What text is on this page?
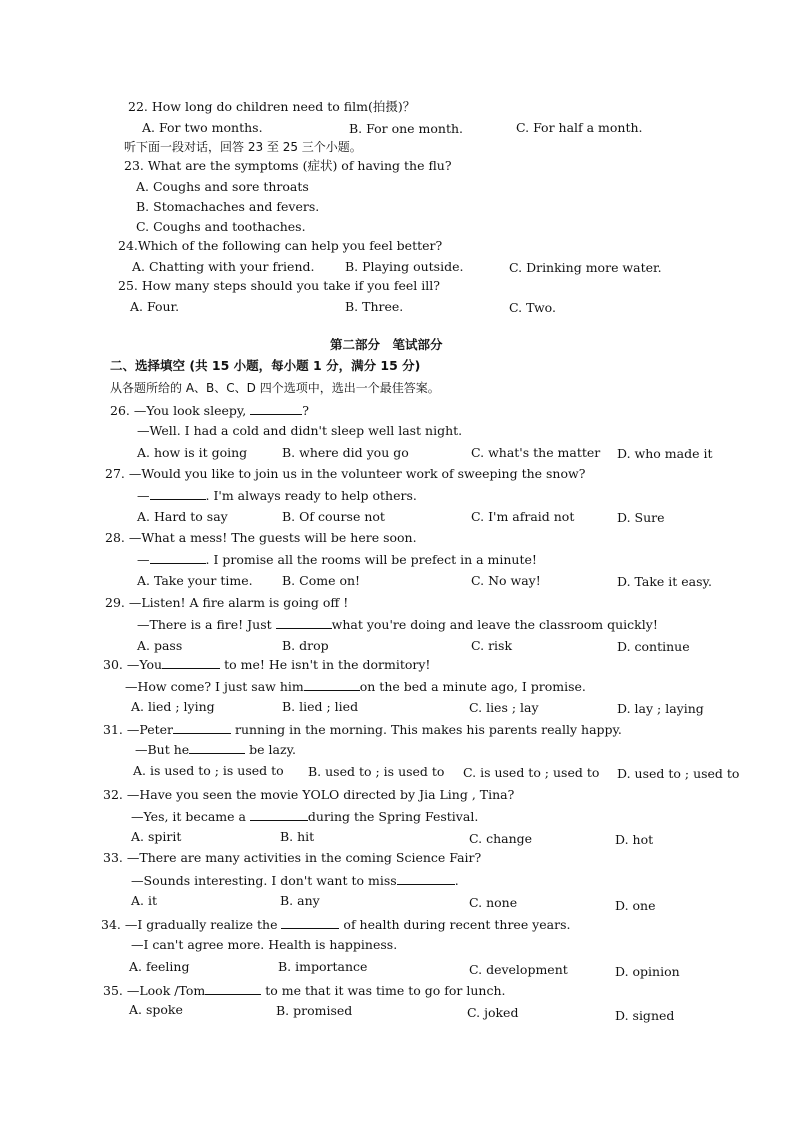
22. How long do children need to film(拍摄)？
A. For two months.	B. For one month.	C. For half a month.
听下面一段对话，回答 23 至 25 三个小题。
23. What are the symptoms (症状) of having the flu?
A. Coughs and sore throats
B. Stomachaches and fevers.
C. Coughs and toothaches.
24.Which of the following can help you feel better?
A. Chatting with your friend. B. Playing outside.	C. Drinking more water.
25. How many steps should you take if you feel ill?
A. Four.	B. Three.	C. Two.
第二部分　笔试部分
二、选择填空 (共 15 小题，每小题 1 分，满分 15 分)
从各题所给的 A、B、C、D 四个选项中，选出一个最佳答案。
26. —You look sleepy,	?
—Well. I had a cold and didn't sleep well last night.
A. how is it going	B. where did you go	C. what's the matter D. who made it
27. —Would you like to join us in the volunteer work of sweeping the snow?
—	. I'm always ready to help others.
A. Hard to say	B. Of course not	C. I'm afraid not	D. Sure
28. —What a mess! The guests will be here soon.
—	. I promise all the rooms will be prefect in a minute!
A. Take your time. B. Come on!	C. No way!	D. Take it easy.
29. —Listen! A fire alarm is going off !
—There is a fire! Just	what you're doing and leave the classroom quickly!
A. pass	B. drop	C. risk	D. continue
30. —You	to me! He isn't in the dormitory!
—How come? I just saw him	on the bed a minute ago, I promise.
A. lied ; lying	B. lied ; lied	C. lies ; lay	D. lay ; laying
31. —Peter	running in the morning. This makes his parents really happy.
—But he	be lazy.
A. is used to ; is used to B. used to ; is used to C. is used to ; used to D. used to ; used to
32. —Have you seen the movie YOLO directed by Jia Ling , Tina?
—Yes, it became a	during the Spring Festival.
A. spirit	B. hit	C. change	D. hot
33. —There are many activities in the coming Science Fair?
—Sounds interesting. I don't want to miss	.
A. it	B. any	C. none	D. one
34. —I gradually realize the	of health during recent three years.
—I can't agree more. Health is happiness.
A. feeling	B. importance	C. development	D. opinion
35. —Look /Tom	to me that it was time to go for lunch.
A. spoke	B. promised	C. joked	D. signed
